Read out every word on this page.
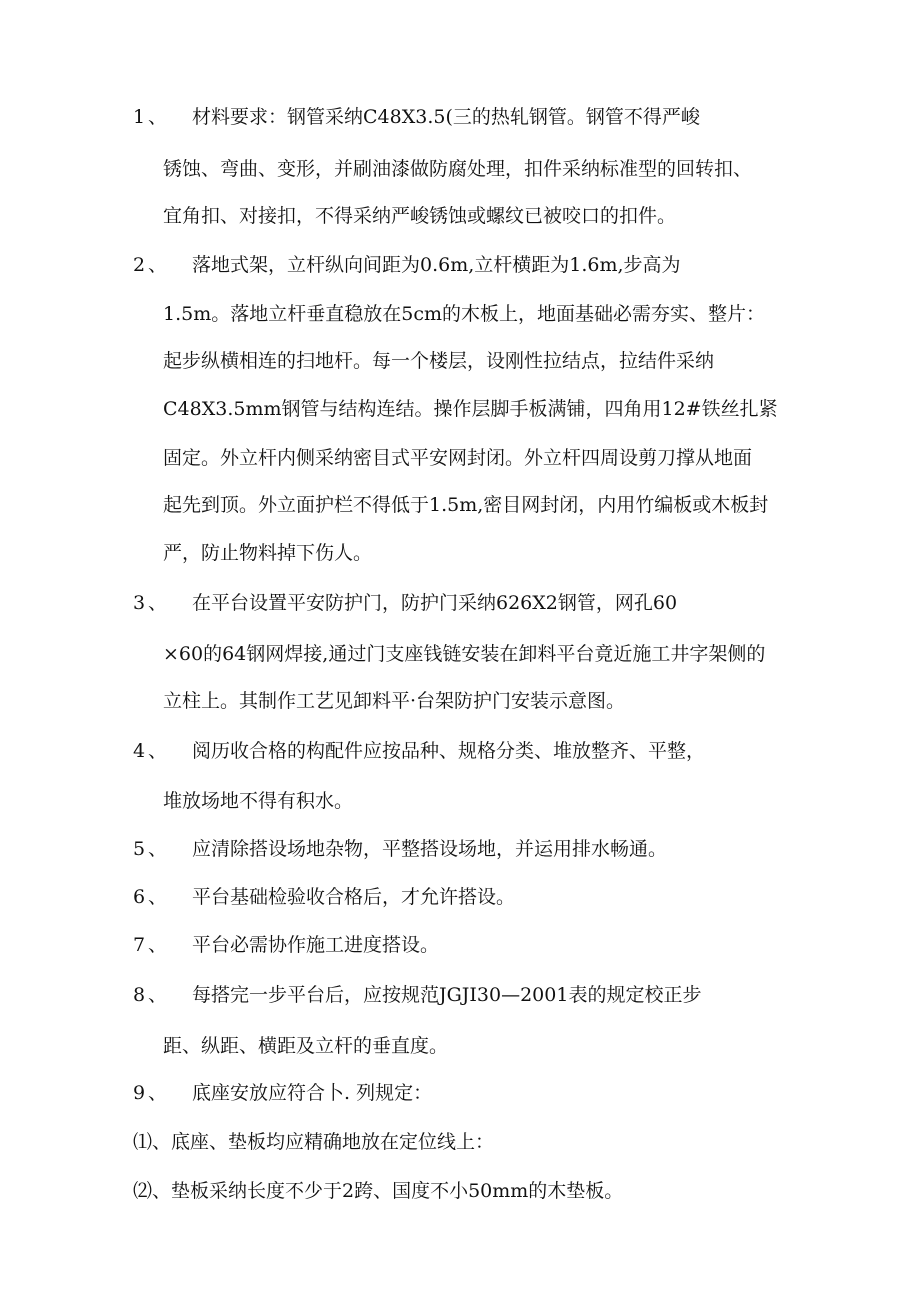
1 、 材料要求：钢管采纳C48X3.5(三的热轧钢管。钢管不得严峻
锈蚀、弯曲、变形，并刷油漆做防腐处理，扣件采纳标准型的回转扣、
宜角扣、对接扣，不得采纳严峻锈蚀或螺纹已被咬口的扣件。
2 、 落地式架，立杆纵向间距为0.6m,立杆横距为1.6m,步高为
1.5m。落地立杆垂直稳放在5cm的木板上，地面基础必需夯实、整片：
起步纵横相连的扫地杆。每一个楼层，设刚性拉结点，拉结件采纳
C48X3.5mm钢管与结构连结。操作层脚手板满铺，四角用12#铁丝扎紧
固定。外立杆内侧采纳密目式平安网封闭。外立杆四周设剪刀撑从地面
起先到顶。外立面护栏不得低于1.5m,密目网封闭，内用竹编板或木板封
严，防止物料掉下伤人。
3 、 在平台设置平安防护门，防护门采纳626X2钢管，网孔60
×60的64钢网焊接,通过门支座钱链安装在卸料平台竟近施工井字架侧的
立柱上。其制作工艺见卸料平·台架防护门安装示意图。
4 、 阅历收合格的构配件应按品种、规格分类、堆放整齐、平整，
堆放场地不得有积水。
5 、 应清除搭设场地杂物，平整搭设场地，并运用排水畅通。
6 、 平台基础检验收合格后，才允许搭设。
7 、 平台必需协作施工进度搭设。
8 、 每搭完一步平台后，应按规范JGJI30—2001表的规定校正步
距、纵距、横距及立杆的垂直度。
9 、 底座安放应符合卜. 列规定：
⑴、底座、垫板均应精确地放在定位线上：
⑵、垫板采纳长度不少于2跨、国度不小50mm的木垫板。
